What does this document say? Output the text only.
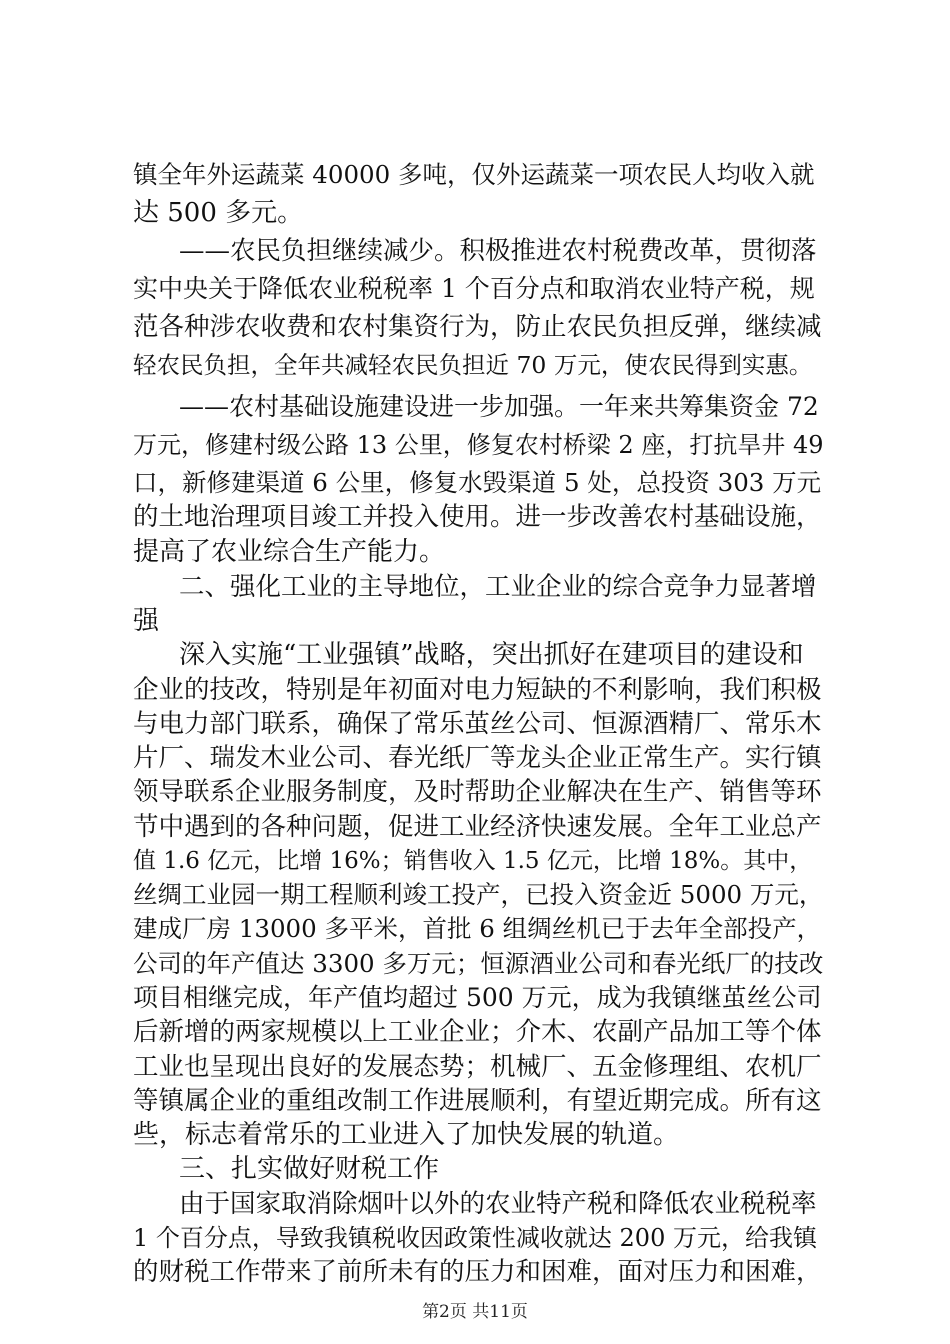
镇全年外运蔬菜 40000 多吨，仅外运蔬菜一项农民人均收入就
达 500 多元。
——农民负担继续减少。积极推进农村税费改革，贯彻落
实中央关于降低农业税税率 1 个百分点和取消农业特产税，规
范各种涉农收费和农村集资行为，防止农民负担反弹，继续减
轻农民负担，全年共减轻农民负担近 70 万元，使农民得到实惠。
——农村基础设施建设进一步加强。一年来共筹集资金 72
万元，修建村级公路 13 公里，修复农村桥梁 2 座，打抗旱井 49
口，新修建渠道 6 公里，修复水毁渠道 5 处，总投资 303 万元
的土地治理项目竣工并投入使用。进一步改善农村基础设施，
提高了农业综合生产能力。
二、强化工业的主导地位，工业企业的综合竞争力显著增
强
深入实施“工业强镇”战略，突出抓好在建项目的建设和
企业的技改，特别是年初面对电力短缺的不利影响，我们积极
与电力部门联系，确保了常乐茧丝公司、恒源酒精厂、常乐木
片厂、瑞发木业公司、春光纸厂等龙头企业正常生产。实行镇
领导联系企业服务制度，及时帮助企业解决在生产、销售等环
节中遇到的各种问题，促进工业经济快速发展。全年工业总产
值 1.6 亿元，比增 16%；销售收入 1.5 亿元，比增 18%。其中，
丝绸工业园一期工程顺利竣工投产，已投入资金近 5000 万元，
建成厂房 13000 多平米，首批 6 组绸丝机已于去年全部投产，
公司的年产值达 3300 多万元；恒源酒业公司和春光纸厂的技改
项目相继完成，年产值均超过 500 万元，成为我镇继茧丝公司
后新增的两家规模以上工业企业；介木、农副产品加工等个体
工业也呈现出良好的发展态势；机械厂、五金修理组、农机厂
等镇属企业的重组改制工作进展顺利，有望近期完成。所有这
些，标志着常乐的工业进入了加快发展的轨道。
三、扎实做好财税工作
由于国家取消除烟叶以外的农业特产税和降低农业税税率
1 个百分点，导致我镇税收因政策性减收就达 200 万元，给我镇
的财税工作带来了前所未有的压力和困难，面对压力和困难，
第2页 共11页
